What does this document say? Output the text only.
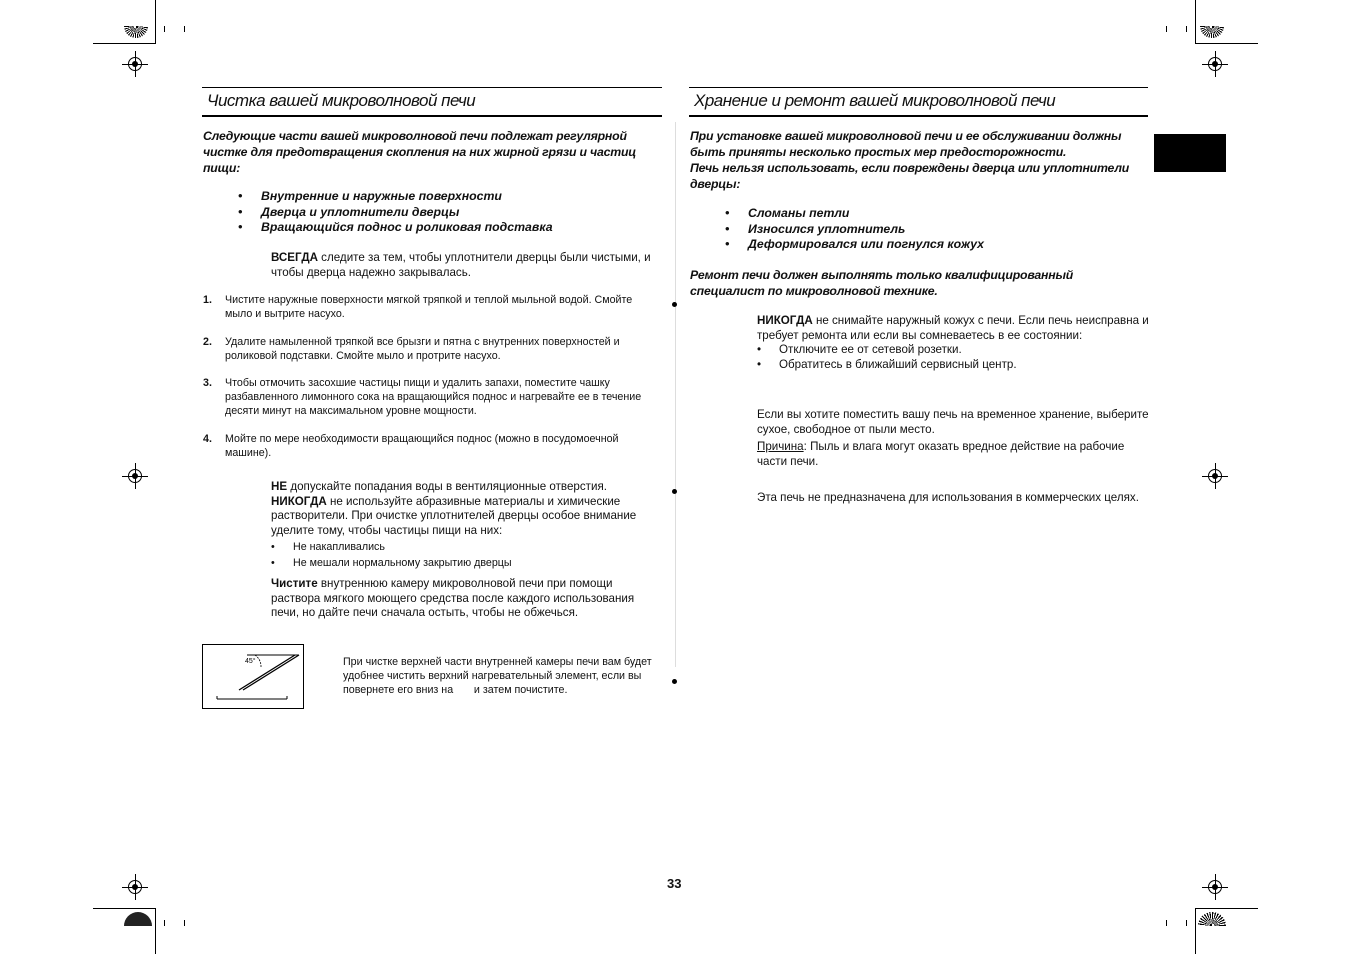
Чистка вашей микроволновой печи
Следующие части вашей микроволновой печи подлежат регулярной чистке для предотвращения скопления на них жирной грязи и частиц пищи:
• Внутренние и наружные поверхности
• Дверца и уплотнители дверцы
• Вращающийся поднос и роликовая подставка
ВСЕГДА следите за тем, чтобы уплотнители дверцы были чистыми, и чтобы дверца надежно закрывалась.
1. Чистите наружные поверхности мягкой тряпкой и теплой мыльной водой. Смойте мыло и вытрите насухо.
2. Удалите намыленной тряпкой все брызги и пятна с внутренних поверхностей и роликовой подставки. Смойте мыло и протрите насухо.
3. Чтобы отмочить засохшие частицы пищи и удалить запахи, поместите чашку разбавленного лимонного сока на вращающийся поднос и нагревайте ее в течение десяти минут на максимальном уровне мощности.
4. Мойте по мере необходимости вращающийся поднос (можно в посудомоечной машине).
НЕ допускайте попадания воды в вентиляционные отверстия.
НИКОГДА не используйте абразивные материалы и химические растворители. При очистке уплотнителей дверцы особое внимание уделите тому, чтобы частицы пищи на них:
• Не накапливались
• Не мешали нормальному закрытию дверцы
Чистите внутреннюю камеру микроволновой печи при помощи раствора мягкого моющего средства после каждого использования печи, но дайте печи сначала остыть, чтобы не обжечься.
45°	При чистке верхней части внутренней камеры печи вам будет удобнее чистить верхний нагревательный элемент, если вы повернете его вниз на       и затем почистите.
Хранение и ремонт вашей микроволновой печи
При установке вашей микроволновой печи и ее обслуживании должны быть приняты несколько простых мер предосторожности.
Печь нельзя использовать, если повреждены дверца или уплотнители дверцы:
• Сломаны петли
• Износился уплотнитель
• Деформировался или погнулся кожух
Ремонт печи должен выполнять только квалифицированный специалист по микроволновой технике.
НИКОГДА не снимайте наружный кожух с печи. Если печь неисправна и требует ремонта или если вы сомневаетесь в ее состоянии:
• Отключите ее от сетевой розетки.
• Обратитесь в ближайший сервисный центр.
Если вы хотите поместить вашу печь на временное хранение, выберите сухое, свободное от пыли место.
Причина: Пыль и влага могут оказать вредное действие на рабочие части печи.
Эта печь не предназначена для использования в коммерческих целях.
33
